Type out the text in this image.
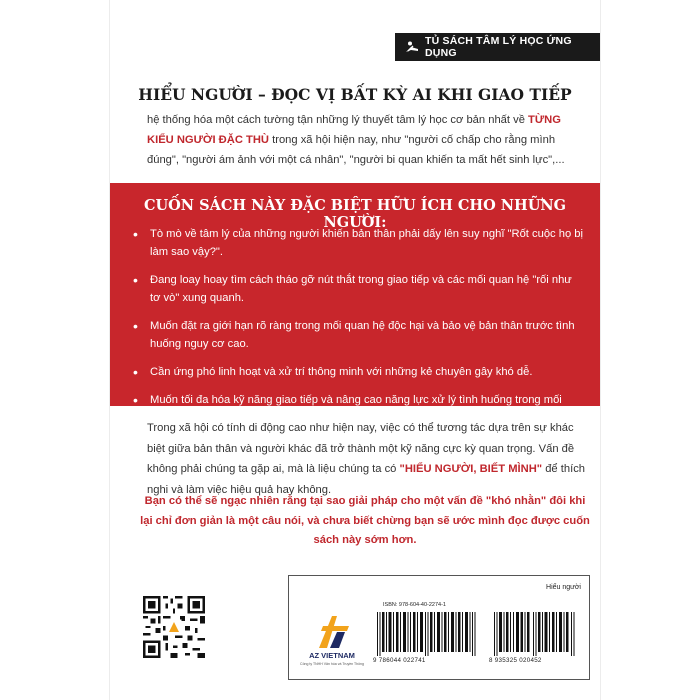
TỦ SÁCH TÂM LÝ HỌC ỨNG DỤNG
HIỂU NGƯỜI – ĐỌC VỊ BẤT KỲ AI KHI GIAO TIẾP
hệ thống hóa một cách tường tận những lý thuyết tâm lý học cơ bản nhất về TỪNG KIỂU NGƯỜI ĐẶC THÙ trong xã hội hiện nay, như "người cố chấp cho rằng mình đúng", "người ám ảnh với một cá nhân", "người bi quan khiến ta mất hết sinh lực",...
CUỐN SÁCH NÀY ĐẶC BIỆT HỮU ÍCH CHO NHỮNG NGƯỜI:
• Tò mò về tâm lý của những người khiến bản thân phải dấy lên suy nghĩ "Rốt cuộc họ bị làm sao vậy?".
• Đang loay hoay tìm cách tháo gỡ nút thắt trong giao tiếp và các mối quan hệ "rối như tơ vò" xung quanh.
• Muốn đặt ra giới hạn rõ ràng trong mối quan hệ độc hại và bảo vệ bản thân trước tình huống nguy cơ cao.
• Cần ứng phó linh hoạt và xử trí thông minh với những kẻ chuyên gây khó dễ.
• Muốn tối đa hóa kỹ năng giao tiếp và nâng cao năng lực xử lý tình huống trong mối quan hệ với gia đình, bạn bè, đồng nghiệp và nhất là cấp trên - cấp dưới.
Trong xã hội có tính di động cao như hiện nay, việc có thể tương tác dựa trên sự khác biệt giữa bản thân và người khác đã trở thành một kỹ năng cực kỳ quan trọng. Vấn đề không phải chúng ta gặp ai, mà là liệu chúng ta có "HIỂU NGƯỜI, BIẾT MÌNH" để thích nghi và làm việc hiệu quả hay không.
Bạn có thể sẽ ngạc nhiên rằng tại sao giải pháp cho một vấn đề "khó nhằn" đôi khi lại chỉ đơn giản là một câu nói, và chưa biết chừng bạn sẽ ước mình đọc được cuốn sách này sớm hơn.
Hiểu người
AZ VIETNAM
Công ty TNHH Văn hóa và Truyền Thông
ISBN: 978-604-40-2274-1
9 786044 022741	8 935325 020452
